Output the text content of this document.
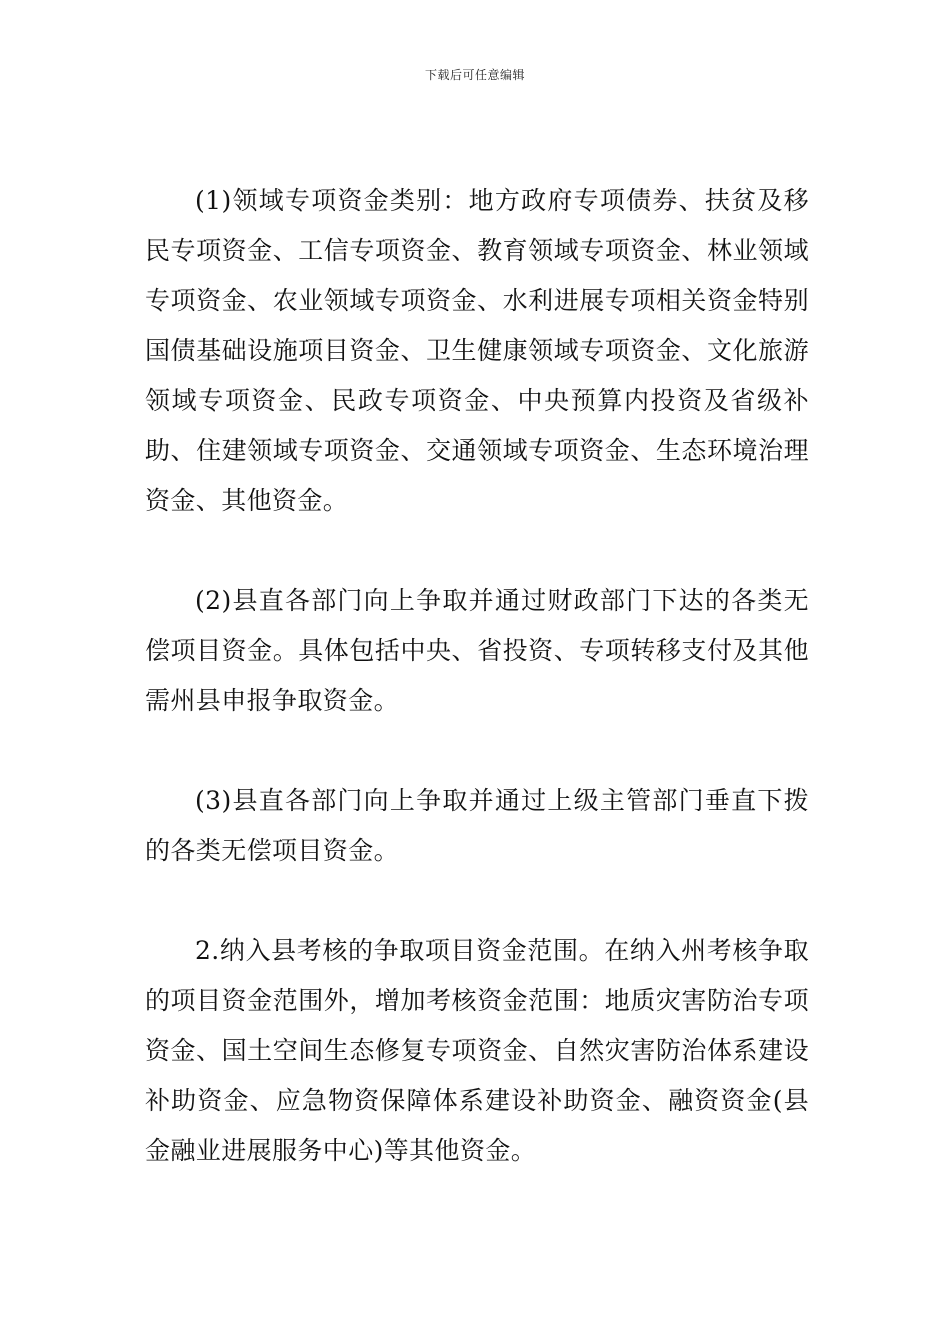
下载后可任意编辑

(1)领域专项资金类别：地方政府专项债券、扶贫及移民专项资金、工信专项资金、教育领域专项资金、林业领域专项资金、农业领域专项资金、水利进展专项相关资金特别国债基础设施项目资金、卫生健康领域专项资金、文化旅游领域专项资金、民政专项资金、中央预算内投资及省级补助、住建领域专项资金、交通领域专项资金、生态环境治理资金、其他资金。

(2)县直各部门向上争取并通过财政部门下达的各类无偿项目资金。具体包括中央、省投资、专项转移支付及其他需州县申报争取资金。

(3)县直各部门向上争取并通过上级主管部门垂直下拨的各类无偿项目资金。

2.纳入县考核的争取项目资金范围。在纳入州考核争取的项目资金范围外，增加考核资金范围：地质灾害防治专项资金、国土空间生态修复专项资金、自然灾害防治体系建设补助资金、应急物资保障体系建设补助资金、融资资金(县金融业进展服务中心)等其他资金。
